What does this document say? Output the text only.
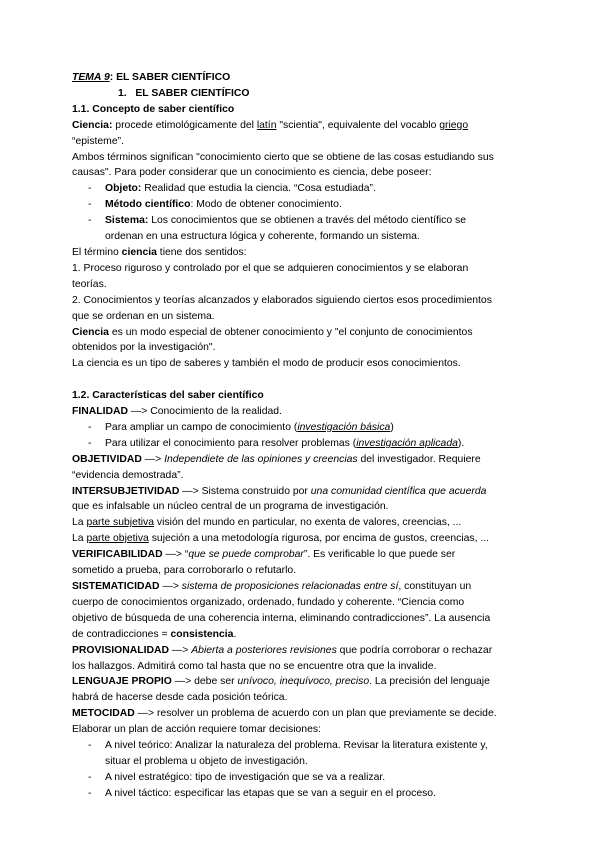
TEMA 9: EL SABER CIENTÍFICO

1. EL SABER CIENTÍFICO

1.1. Concepto de saber científico

Ciencia: procede etimológicamente del latín "scientia", equivalente del vocablo griego

“episteme”.

Ambos términos significan "conocimiento cierto que se obtiene de las cosas estudiando sus

causas". Para poder considerar que un conocimiento es ciencia, debe poseer:

- Objeto: Realidad que estudia la ciencia. “Cosa estudiada”.
- Método científico: Modo de obtener conocimiento.
- Sistema: Los conocimientos que se obtienen a través del método científico se

ordenan en una estructura lógica y coherente, formando un sistema.

El término ciencia tiene dos sentidos:

1. Proceso riguroso y controlado por el que se adquieren conocimientos y se elaboran

teorías.

2. Conocimientos y teorías alcanzados y elaborados siguiendo ciertos esos procedimientos

que se ordenan en un sistema.

Ciencia es un modo especial de obtener conocimiento y "el conjunto de conocimientos

obtenidos por la investigación".

La ciencia es un tipo de saberes y también el modo de producir esos conocimientos.

1.2. Características del saber científico

FINALIDAD —> Conocimiento de la realidad.

- Para ampliar un campo de conocimiento (investigación básica)
- Para utilizar el conocimiento para resolver problemas (investigación aplicada).

OBJETIVIDAD —> Independiete de las opiniones y creencias del investigador. Requiere

“evidencia demostrada”.

INTERSUBJETIVIDAD —> Sistema construido por una comunidad científica que acuerda

que es infalsable un núcleo central de un programa de investigación.

La parte subjetiva visión del mundo en particular, no exenta de valores, creencias, ...

La parte objetiva sujeción a una metodología rigurosa, por encima de gustos, creencias, ...

VERIFICABILIDAD —> “que se puede comprobar”. Es verificable lo que puede ser

sometido a prueba, para corroborarlo o refutarlo.

SISTEMATICIDAD —> sistema de proposiciones relacionadas entre sí, constituyan un

cuerpo de conocimientos organizado, ordenado, fundado y coherente. “Ciencia como

objetivo de búsqueda de una coherencia interna, eliminando contradicciones”. La ausencia

de contradicciones = consistencia.

PROVISIONALIDAD —> Abierta a posteriores revisiones que podría corroborar o rechazar

los hallazgos. Admitirá como tal hasta que no se encuentre otra que la invalide.

LENGUAJE PROPIO —> debe ser unívoco, inequívoco, preciso. La precisión del lenguaje

habrá de hacerse desde cada posición teórica.

METOCIDAD —> resolver un problema de acuerdo con un plan que previamente se decide.

Elaborar un plan de acción requiere tomar decisiones:

- A nivel teórico: Analizar la naturaleza del problema. Revisar la literatura existente y,

situar el problema u objeto de investigación.

- A nivel estratégico: tipo de investigación que se va a realizar.
- A nivel táctico: especificar las etapas que se van a seguir en el proceso.
